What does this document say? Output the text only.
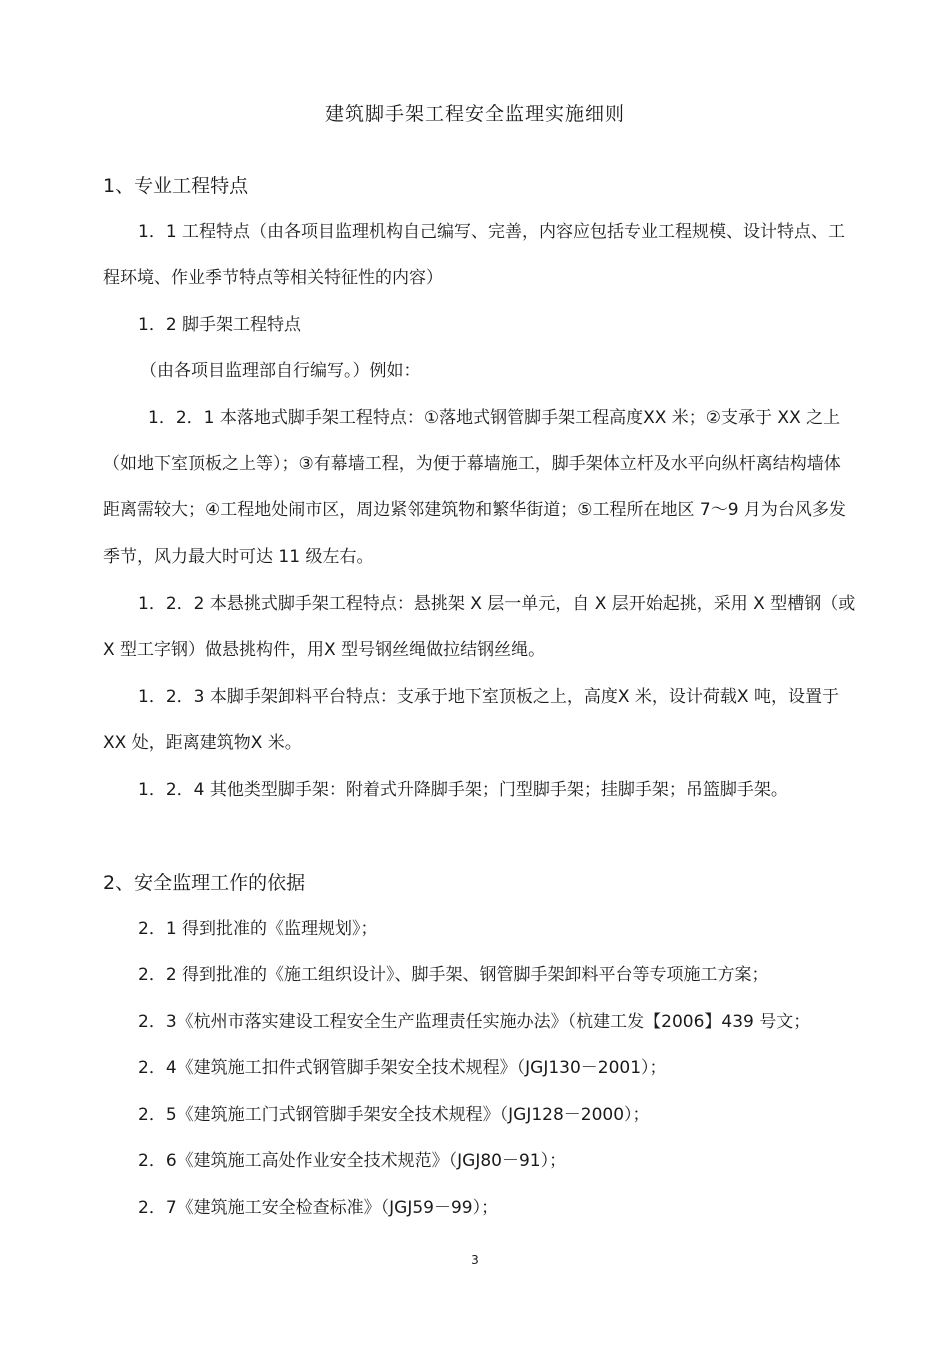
建筑脚手架工程安全监理实施细则
1、专业工程特点
1．1 工程特点（由各项目监理机构自己编写、完善，内容应包括专业工程规模、设计特点、工
程环境、作业季节特点等相关特征性的内容）
1．2 脚手架工程特点
（由各项目监理部自行编写。）例如：
1．2．1 本落地式脚手架工程特点：①落地式钢管脚手架工程高度XX 米；②支承于 XX 之上
（如地下室顶板之上等）；③有幕墙工程，为便于幕墙施工，脚手架体立杆及水平向纵杆离结构墙体
距离需较大；④工程地处闹市区，周边紧邻建筑物和繁华街道；⑤工程所在地区 7～9 月为台风多发
季节，风力最大时可达 11 级左右。
1．2．2 本悬挑式脚手架工程特点：悬挑架 X 层一单元，自 X 层开始起挑，采用 X 型槽钢（或
X 型工字钢）做悬挑构件，用X 型号钢丝绳做拉结钢丝绳。
1．2．3 本脚手架卸料平台特点：支承于地下室顶板之上，高度X 米，设计荷载X 吨，设置于
XX 处，距离建筑物X 米。
1．2．4 其他类型脚手架：附着式升降脚手架；门型脚手架；挂脚手架；吊篮脚手架。
2、安全监理工作的依据
2．1 得到批准的《监理规划》；
2．2 得到批准的《施工组织设计》、脚手架、钢管脚手架卸料平台等专项施工方案；
2．3《杭州市落实建设工程安全生产监理责任实施办法》（杭建工发【2006】439 号文；
2．4《建筑施工扣件式钢管脚手架安全技术规程》（JGJ130－2001）；
2．5《建筑施工门式钢管脚手架安全技术规程》（JGJ128－2000）；
2．6《建筑施工高处作业安全技术规范》（JGJ80－91）；
2．7《建筑施工安全检查标准》（JGJ59－99）；
3
